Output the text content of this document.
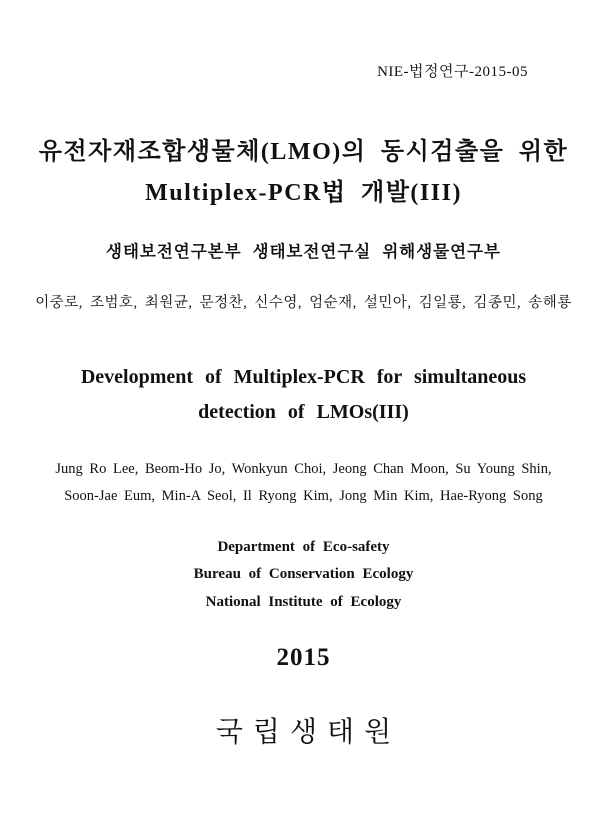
NIE-법정연구-2015-05
유전자재조합생물체(LMO)의 동시검출을 위한
Multiplex-PCR법 개발(III)
생태보전연구본부 생태보전연구실 위해생물연구부
이중로, 조범호, 최원균, 문정찬, 신수영, 엄순재, 설민아, 김일룡, 김종민, 송해룡
Development of Multiplex-PCR for simultaneous
detection of LMOs(III)
Jung Ro Lee, Beom-Ho Jo, Wonkyun Choi, Jeong Chan Moon, Su Young Shin,
Soon-Jae Eum, Min-A Seol, Il Ryong Kim, Jong Min Kim, Hae-Ryong Song
Department of Eco-safety
Bureau of Conservation Ecology
National Institute of Ecology
2015
국립생태원
